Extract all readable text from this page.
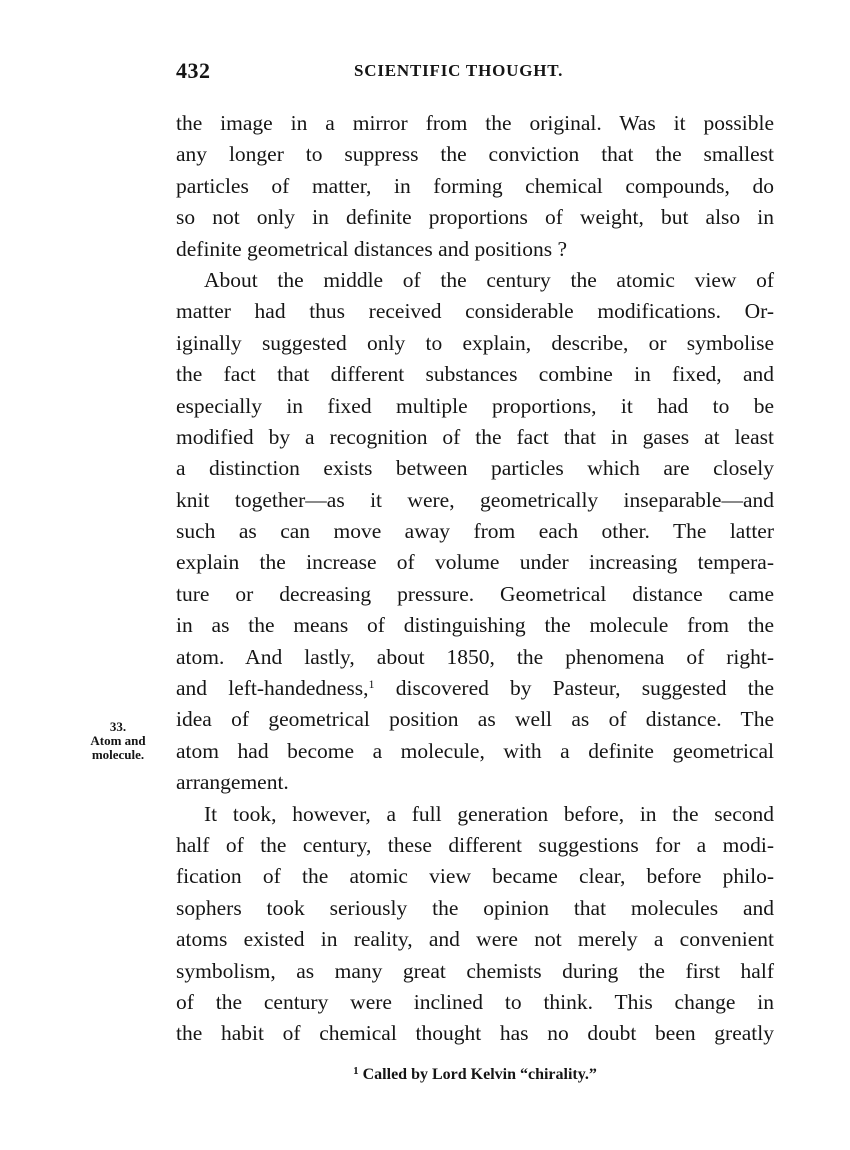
432	SCIENTIFIC THOUGHT.
33.
Atom and
molecule.
the image in a mirror from the original. Was it possible
any longer to suppress the conviction that the smallest
particles of matter, in forming chemical compounds, do
so not only in definite proportions of weight, but also in
definite geometrical distances and positions ?
About the middle of the century the atomic view of
matter had thus received considerable modifications. Or-
iginally suggested only to explain, describe, or symbolise
the fact that different substances combine in fixed, and
especially in fixed multiple proportions, it had to be
modified by a recognition of the fact that in gases at least
a distinction exists between particles which are closely
knit together—as it were, geometrically inseparable—and
such as can move away from each other. The latter
explain the increase of volume under increasing tempera-
ture or decreasing pressure. Geometrical distance came
in as the means of distinguishing the molecule from the
atom. And lastly, about 1850, the phenomena of right-
and left-handedness,$^1$ discovered by Pasteur, suggested the
idea of geometrical position as well as of distance. The
atom had become a molecule, with a definite geometrical
arrangement.
It took, however, a full generation before, in the second
half of the century, these different suggestions for a modi-
fication of the atomic view became clear, before philo-
sophers took seriously the opinion that molecules and
atoms existed in reality, and were not merely a convenient
symbolism, as many great chemists during the first half
of the century were inclined to think. This change in
the habit of chemical thought has no doubt been greatly
$^1$ Called by Lord Kelvin “chirality.”
